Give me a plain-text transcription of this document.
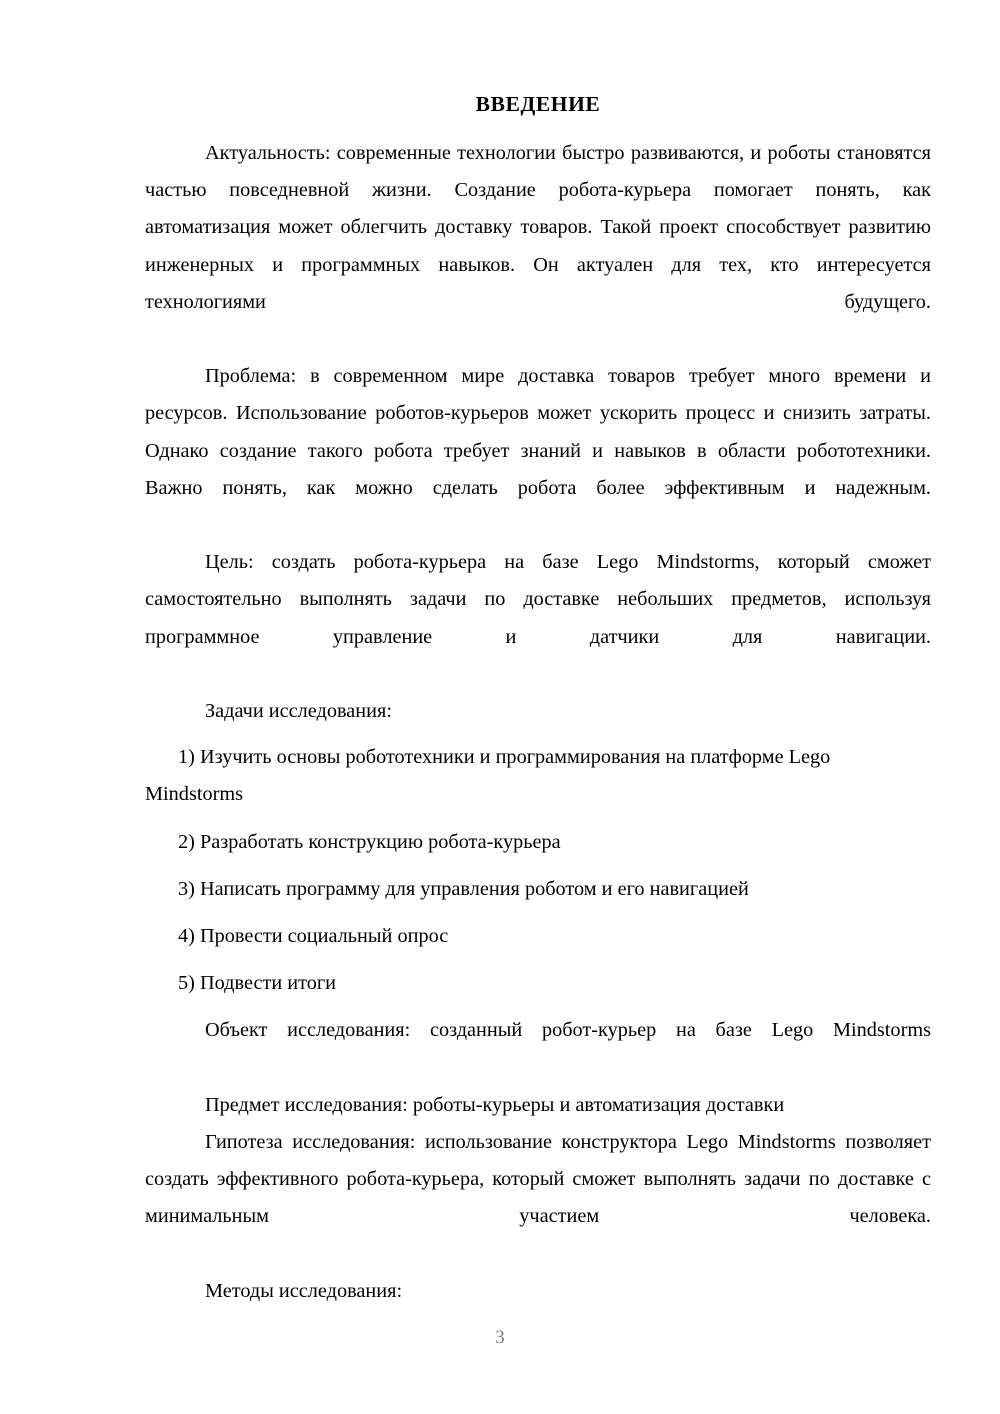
ВВЕДЕНИЕ

Актуальность: современные технологии быстро развиваются, и роботы становятся частью повседневной жизни. Создание робота-курьера помогает понять, как автоматизация может облегчить доставку товаров. Такой проект способствует развитию инженерных и программных навыков. Он актуален для тех, кто интересуется технологиями будущего.

Проблема: в современном мире доставка товаров требует много времени и ресурсов. Использование роботов-курьеров может ускорить процесс и снизить затраты. Однако создание такого робота требует знаний и навыков в области робототехники. Важно понять, как можно сделать робота более эффективным и надежным.

Цель: создать робота-курьера на базе Lego Mindstorms, который сможет самостоятельно выполнять задачи по доставке небольших предметов, используя программное управление и датчики для навигации.

Задачи исследования:

1) Изучить основы робототехники и программирования на платформе Lego Mindstorms
2) Разработать конструкцию робота-курьера
3) Написать программу для управления роботом и его навигацией
4) Провести социальный опрос
5) Подвести итоги

Объект исследования: созданный робот-курьер на базе Lego Mindstorms

Предмет исследования: роботы-курьеры и автоматизация доставки

Гипотеза исследования: использование конструктора Lego Mindstorms позволяет создать эффективного робота-курьера, который сможет выполнять задачи по доставке с минимальным участием человека.

Методы исследования:

3
